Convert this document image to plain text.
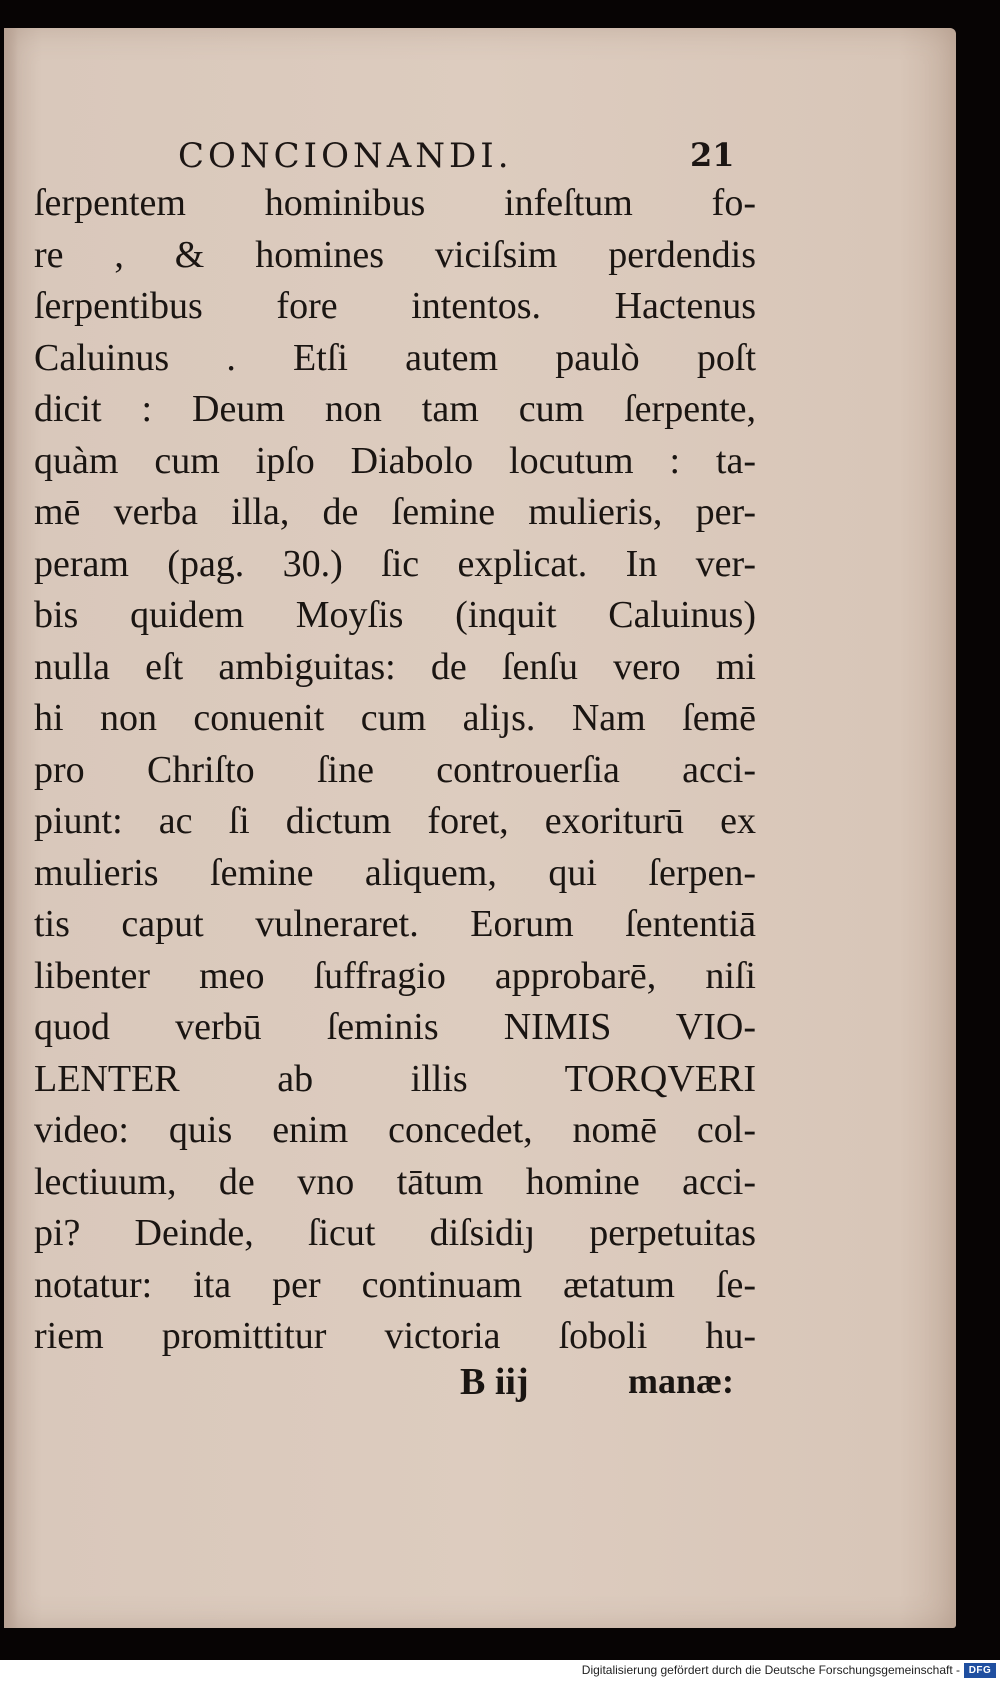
CONCIONANDI.	21
ſerpentem hominibus infeſtum fo-
re , & homines viciſsim perdendis
ſerpentibus fore intentos. Hactenus
Caluinus . Etſi autem paulò poſt
dicit : Deum non tam cum ſerpente,
quàm cum ipſo Diabolo locutum : ta-
mē verba illa, de ſemine mulieris, per-
peram (pag. 30.) ſic explicat. In ver-
bis quidem Moyſis (inquit Caluinus)
nulla eſt ambiguitas: de ſenſu vero mi
hi non conuenit cum aliȷs. Nam ſemē
pro Chriſto ſine controuerſia acci-
piunt: ac ſi dictum foret, exoriturū ex
mulieris ſemine aliquem, qui ſerpen-
tis caput vulneraret. Eorum ſententiā
libenter meo ſuffragio approbarē, niſi
quod verbū ſeminis NIMIS VIO-
LENTER ab illis TORQVERI
video: quis enim concedet, nomē col-
lectiuum, de vno tātum homine acci-
pi? Deinde, ſicut diſsidiȷ perpetuitas
notatur: ita per continuam ætatum ſe-
riem promittitur victoria ſoboli hu-
B iij	manæ:
Digitalisierung gefördert durch die Deutsche Forschungsgemeinschaft - DFG
